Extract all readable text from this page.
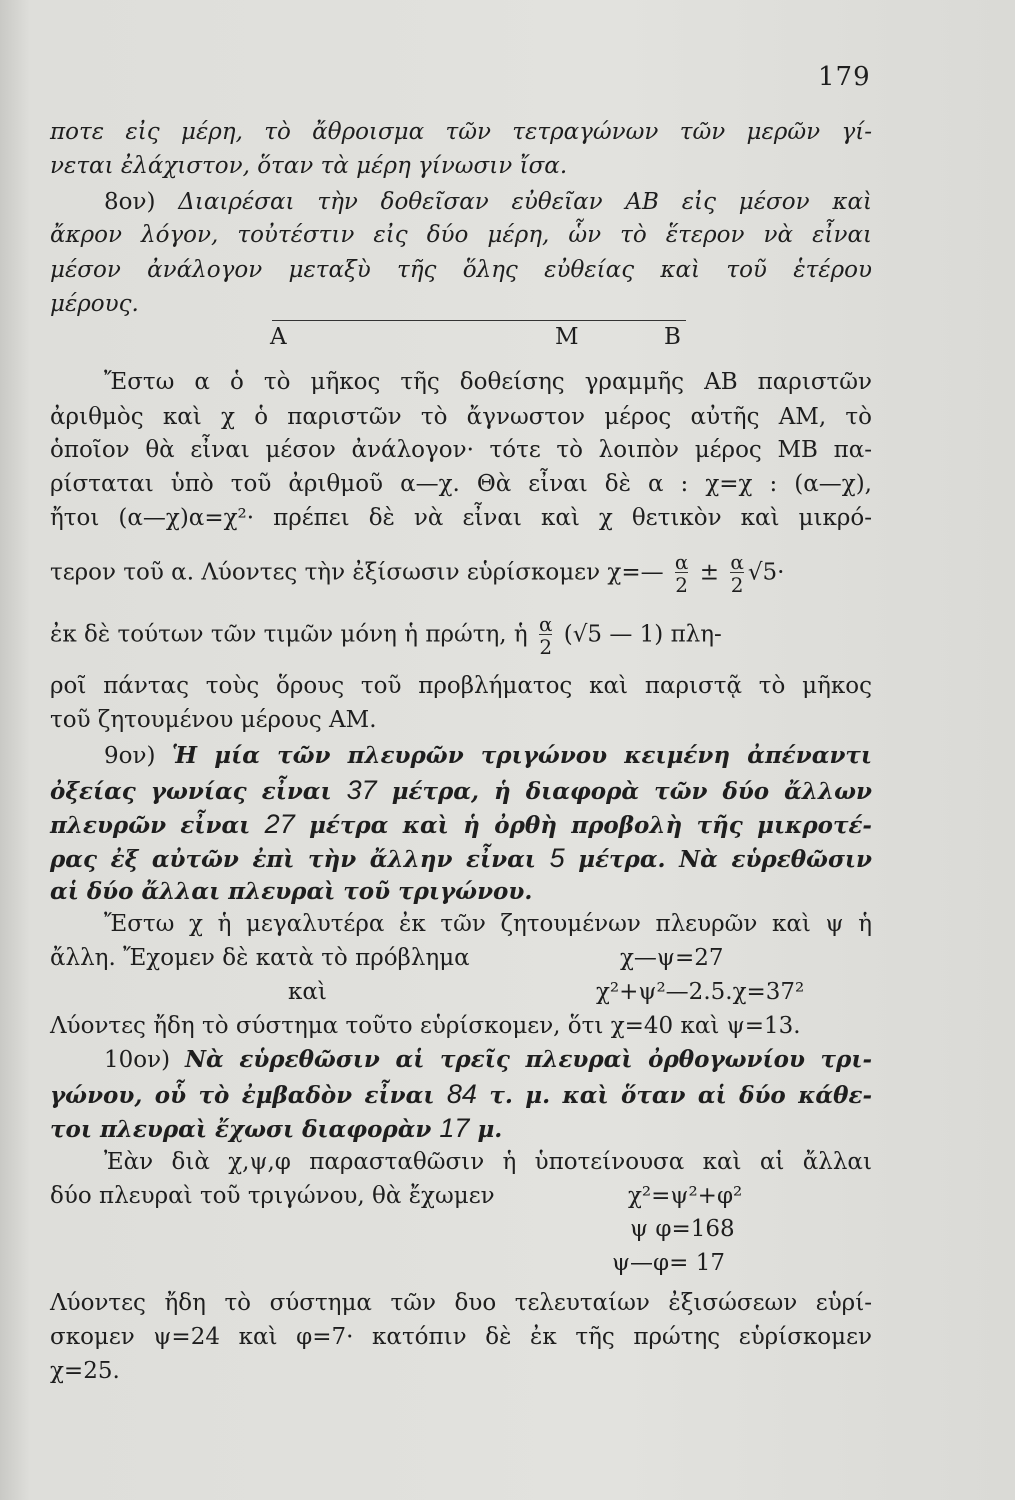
179
ποτε εἰς μέρη, τὸ ἄθροισμα τῶν τετραγώνων τῶν μερῶν γί-
νεται ἐλάχιστον, ὅταν τὰ μέρη γίνωσιν ἴσα.
8ον) Διαιρέσαι τὴν δοθεῖσαν εὐθεῖαν ΑΒ εἰς μέσον καὶ
ἄκρον λόγον, τοὐτέστιν εἰς δύο μέρη, ὧν τὸ ἕτερον νὰ εἶναι
μέσον ἀνάλογον μεταξὺ τῆς ὅλης εὐθείας καὶ τοῦ ἑτέρου
μέρους.
Α	Μ	Β
Ἔστω α ὁ τὸ μῆκος τῆς δοθείσης γραμμῆς ΑΒ παριστῶν
ἀριθμὸς καὶ χ ὁ παριστῶν τὸ ἄγνωστον μέρος αὐτῆς ΑΜ, τὸ
ὁποῖον θὰ εἶναι μέσον ἀνάλογον· τότε τὸ λοιπὸν μέρος ΜΒ πα-
ρίσταται ὑπὸ τοῦ ἀριθμοῦ α—χ. Θὰ εἶναι δὲ α : χ=χ : (α—χ),
ἤτοι (α—χ)α=χ²· πρέπει δὲ νὰ εἶναι καὶ χ θετικὸν καὶ μικρό-
τερον τοῦ α. Λύοντες τὴν ἐξίσωσιν εὑρίσκομεν χ=— $\frac{\alpha}{2} \pm \frac{\alpha}{2} √5\cdot$
ἐκ δὲ τούτων τῶν τιμῶν μόνη ἡ πρώτη, ἡ $\frac{\alpha}{2} (√5$ — 1) πλη-
ροῖ πάντας τοὺς ὅρους τοῦ προβλήματος καὶ παριστᾷ τὸ μῆκος
τοῦ ζητουμένου μέρους ΑΜ.
9ον) Ἡ μία τῶν πλευρῶν τριγώνου κειμένη ἀπέναντι
ὀξείας γωνίας εἶναι 37 μέτρα, ἡ διαφορὰ τῶν δύο ἄλλων
πλευρῶν εἶναι 27 μέτρα καὶ ἡ ὀρθὴ προβολὴ τῆς μικροτέ-
ρας ἐξ αὐτῶν ἐπὶ τὴν ἄλλην εἶναι 5 μέτρα. Νὰ εὑρεθῶσιν
αἱ δύο ἄλλαι πλευραὶ τοῦ τριγώνου.
Ἔστω χ ἡ μεγαλυτέρα ἐκ τῶν ζητουμένων πλευρῶν καὶ ψ ἡ
ἄλλη. Ἔχομεν δὲ κατὰ τὸ πρόβλημα	χ—ψ=27
καὶ	χ²+ψ²—2.5.χ=37²
Λύοντες ἤδη τὸ σύστημα τοῦτο εὑρίσκομεν, ὅτι χ=40 καὶ ψ=13.
10ον) Νὰ εὑρεθῶσιν αἱ τρεῖς πλευραὶ ὀρθογωνίου τρι-
γώνου, οὗ τὸ ἐμβαδὸν εἶναι 84 τ. μ. καὶ ὅταν αἱ δύο κάθε-
τοι πλευραὶ ἔχωσι διαφορὰν 17 μ.
Ἐὰν διὰ χ,ψ,φ παρασταθῶσιν ἡ ὑποτείνουσα καὶ αἱ ἄλλαι
δύο πλευραὶ τοῦ τριγώνου, θὰ ἔχωμεν	χ²=ψ²+φ²
ψ φ=168
ψ—φ= 17
Λύοντες ἤδη τὸ σύστημα τῶν δυο τελευταίων ἐξισώσεων εὑρί-
σκομεν ψ=24 καὶ φ=7· κατόπιν δὲ ἐκ τῆς πρώτης εὑρίσκομεν
χ=25.
